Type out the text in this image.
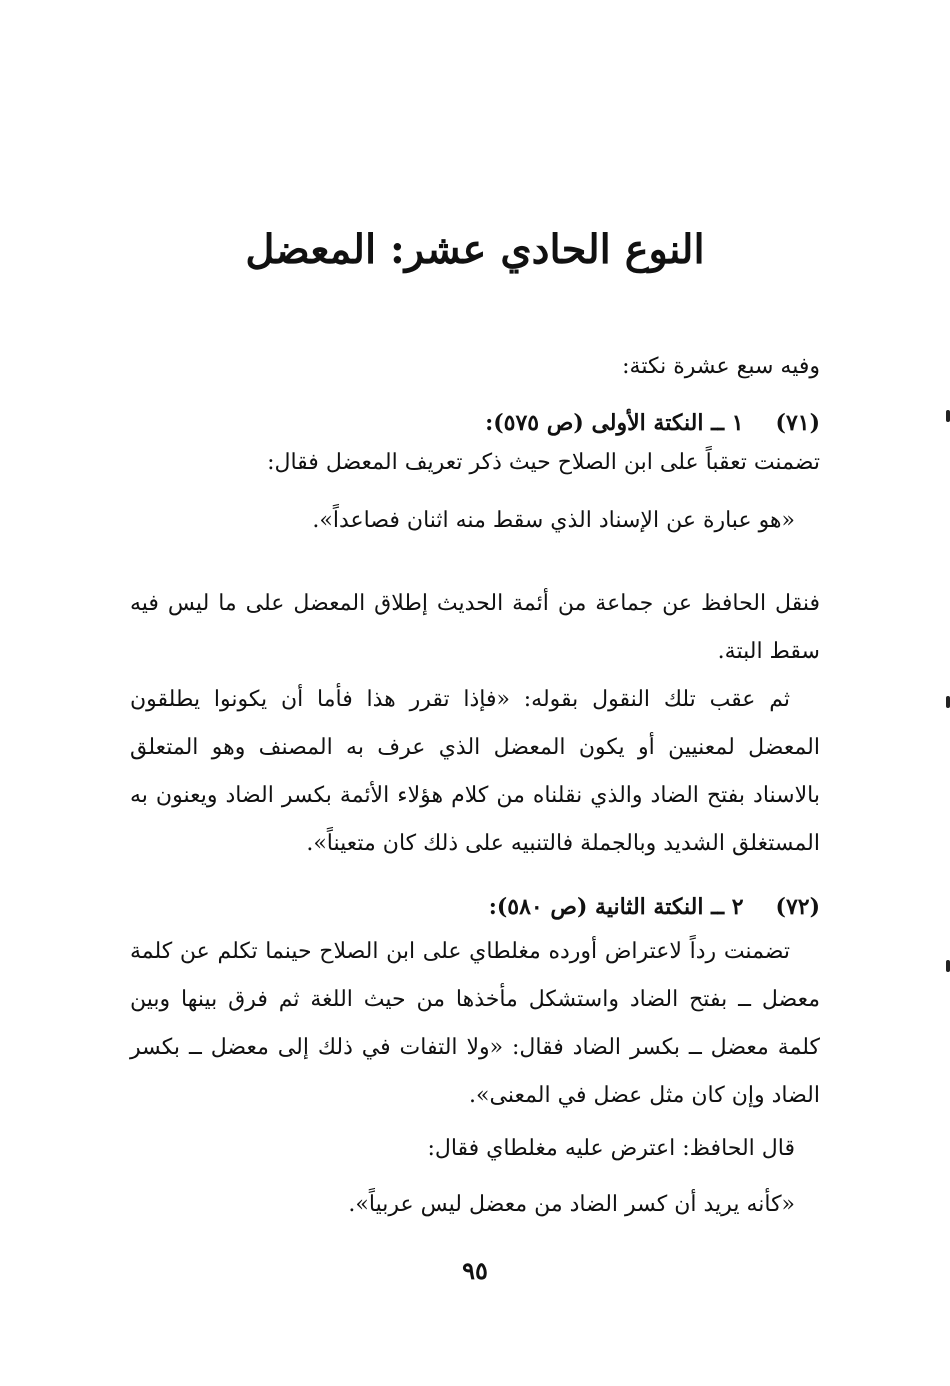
النوع الحادي عشر: المعضل
وفيه سبع عشرة نكتة:
(٧١)١ ــ النكتة الأولى (ص ٥٧٥):
تضمنت تعقباً على ابن الصلاح حيث ذكر تعريف المعضل فقال:
«هو عبارة عن الإسناد الذي سقط منه اثنان فصاعداً».
فنقل الحافظ عن جماعة من أئمة الحديث إطلاق المعضل على ما ليس فيه سقط البتة.
ثم عقب تلك النقول بقوله: «فإذا تقرر هذا فأما أن يكونوا يطلقون المعضل لمعنيين أو يكون المعضل الذي عرف به المصنف وهو المتعلق بالاسناد بفتح الضاد والذي نقلناه من كلام هؤلاء الأئمة بكسر الضاد ويعنون به المستغلق الشديد وبالجملة فالتنبيه على ذلك كان متعيناً».
(٧٢)٢ ــ النكتة الثانية (ص ٥٨٠):
تضمنت رداً لاعتراض أورده مغلطاي على ابن الصلاح حينما تكلم عن كلمة معضل ــ بفتح الضاد واستشكل مأخذها من حيث اللغة ثم فرق بينها وبين كلمة معضل ــ بكسر الضاد فقال: «ولا التفات في ذلك إلى معضل ــ بكسر الضاد وإن كان مثل عضل في المعنى».
قال الحافظ: اعترض عليه مغلطاي فقال:
«كأنه يريد أن كسر الضاد من معضل ليس عربياً».
٩٥
